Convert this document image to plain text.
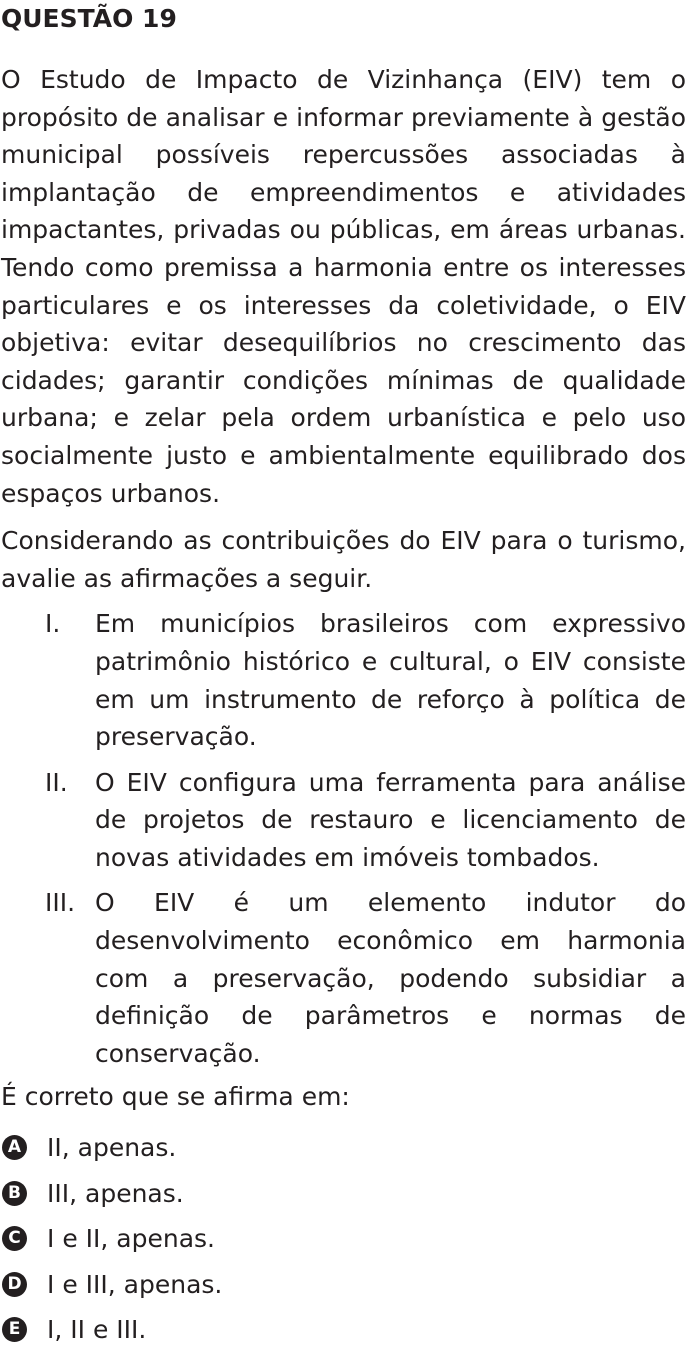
QUESTÃO 19

O Estudo de Impacto de Vizinhança (EIV) tem o propósito de analisar e informar previamente à gestão municipal possíveis repercussões associadas à implantação de empreendimentos e atividades impactantes, privadas ou públicas, em áreas urbanas. Tendo como premissa a harmonia entre os interesses particulares e os interesses da coletividade, o EIV objetiva: evitar desequilíbrios no crescimento das cidades; garantir condições mínimas de qualidade urbana; e zelar pela ordem urbanística e pelo uso socialmente justo e ambientalmente equilibrado dos espaços urbanos.

Considerando as contribuições do EIV para o turismo, avalie as afirmações a seguir.

I.	Em municípios brasileiros com expressivo patrimônio histórico e cultural, o EIV consiste em um instrumento de reforço à política de preservação.
II.	O EIV configura uma ferramenta para análise de projetos de restauro e licenciamento de novas atividades em imóveis tombados.
III. O EIV é um elemento indutor do desenvolvimento econômico em harmonia com a preservação, podendo subsidiar a definição de parâmetros e normas de conservação.

É correto que se afirma em:

A II, apenas.
B III, apenas.
C I e II, apenas.
D I e III, apenas.
E I, II e III.
